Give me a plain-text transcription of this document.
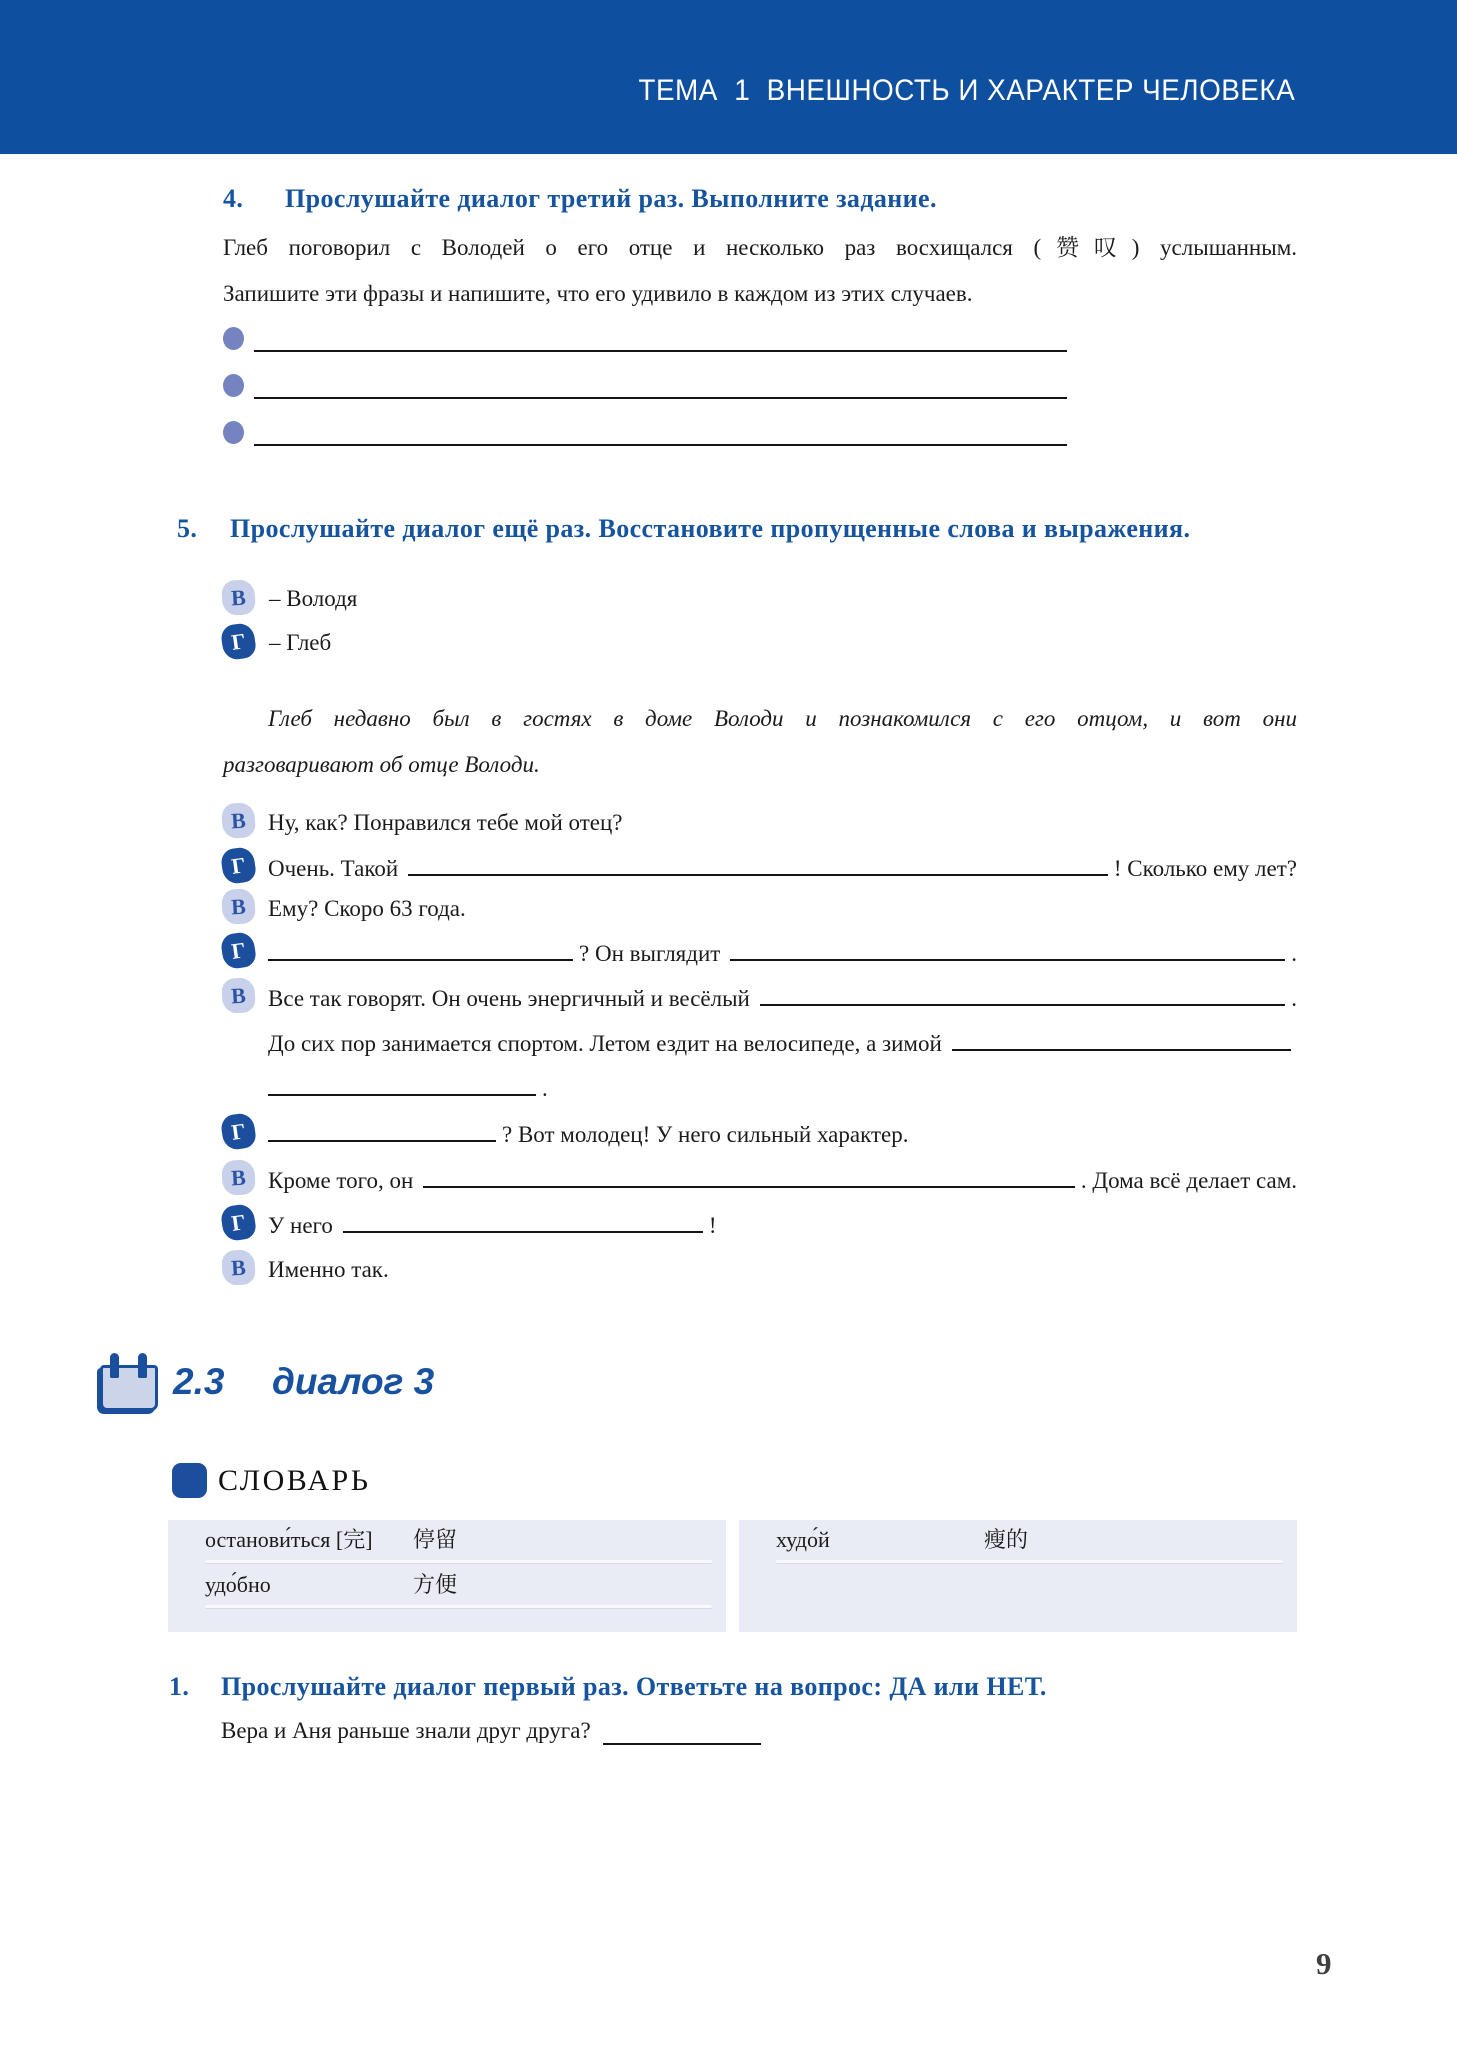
ТЕМА  1  ВНЕШНОСТЬ И ХАРАКТЕР ЧЕЛОВЕКА
4.	Прослушайте диалог третий раз. Выполните задание.
Глеб поговорил с Володей о его отце и несколько раз восхищался (赞叹) услышанным.
Запишите эти фразы и напишите, что его удивило в каждом из этих случаев.
5.	Прослушайте диалог ещё раз. Восстановите пропущенные слова и выражения.
В – Володя
Г – Глеб
Глеб недавно был в гостях в доме Володи и познакомился с его отцом, и вот они
разговаривают об отце Володи.
В Ну, как? Понравился тебе мой отец?
Г Очень. Такой	! Сколько ему лет?
В Ему? Скоро 63 года.
Г	? Он выглядит	.
В Все так говорят. Он очень энергичный и весёлый	.
До сих пор занимается спортом. Летом ездит на велосипеде, а зимой
.
Г	? Вот молодец! У него сильный характер.
В Кроме того, он	. Дома всё делает сам.
Г У него	!
В Именно так.
2.3 диалог 3
СЛОВАРЬ
останови́ться [完] 停留
удо́бно	方便
худо́й	瘦的
1.	Прослушайте диалог первый раз. Ответьте на вопрос: ДА или НЕТ.
Вера и Аня раньше знали друг друга?
9
